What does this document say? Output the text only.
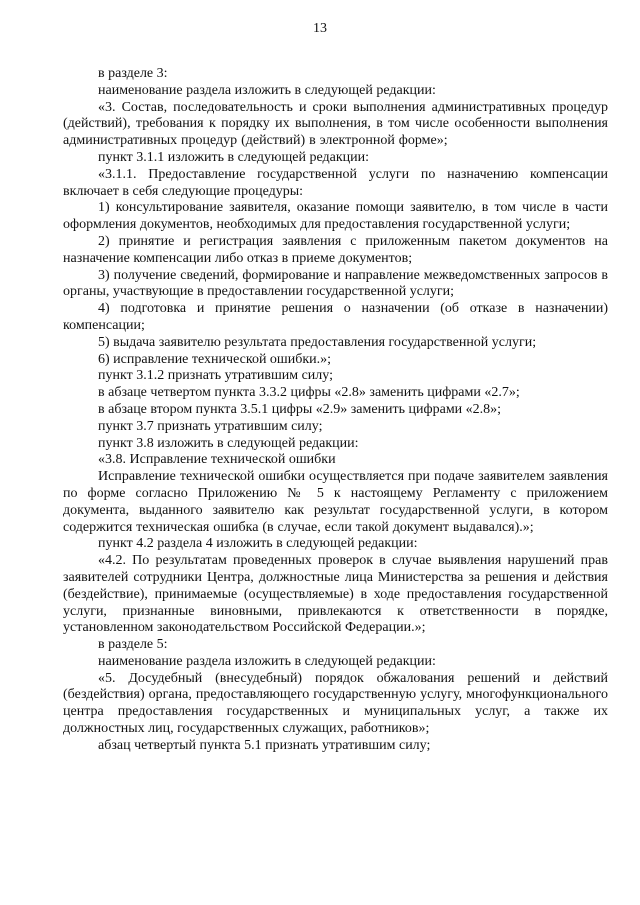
13

в разделе 3:

наименование раздела изложить в следующей редакции:

«3. Состав, последовательность и сроки выполнения административных процедур (действий), требования к порядку их выполнения, в том числе особенности выполнения административных процедур (действий) в электронной форме»;

пункт 3.1.1 изложить в следующей редакции:

«3.1.1. Предоставление государственной услуги по назначению компенсации включает в себя следующие процедуры:

1) консультирование заявителя, оказание помощи заявителю, в том числе в части оформления документов, необходимых для предоставления государственной услуги;

2) принятие и регистрация заявления с приложенным пакетом документов на назначение компенсации либо отказ в приеме документов;

3) получение сведений, формирование и направление межведомственных запросов в органы, участвующие в предоставлении государственной услуги;

4) подготовка и принятие решения о назначении (об отказе в назначении) компенсации;

5) выдача заявителю результата предоставления государственной услуги;

6) исправление технической ошибки.»;

пункт 3.1.2 признать утратившим силу;

в абзаце четвертом пункта 3.3.2 цифры «2.8» заменить цифрами «2.7»;

в абзаце втором пункта 3.5.1 цифры «2.9» заменить цифрами «2.8»;

пункт 3.7 признать утратившим силу;

пункт 3.8 изложить в следующей редакции:

«3.8. Исправление технической ошибки

Исправление технической ошибки осуществляется при подаче заявителем заявления по форме согласно Приложению № 5 к настоящему Регламенту с приложением документа, выданного заявителю как результат государственной услуги, в котором содержится техническая ошибка (в случае, если такой документ выдавался).»;

пункт 4.2 раздела 4 изложить в следующей редакции:

«4.2. По результатам проведенных проверок в случае выявления нарушений прав заявителей сотрудники Центра, должностные лица Министерства за решения и действия (бездействие), принимаемые (осуществляемые) в ходе предоставления государственной услуги, признанные виновными, привлекаются к ответственности в порядке, установленном законодательством Российской Федерации.»;

в разделе 5:

наименование раздела изложить в следующей редакции:

«5. Досудебный (внесудебный) порядок обжалования решений и действий (бездействия) органа, предоставляющего государственную услугу, многофункционального центра предоставления государственных и муниципальных услуг, а также их должностных лиц, государственных служащих, работников»;

абзац четвертый пункта 5.1 признать утратившим силу;
